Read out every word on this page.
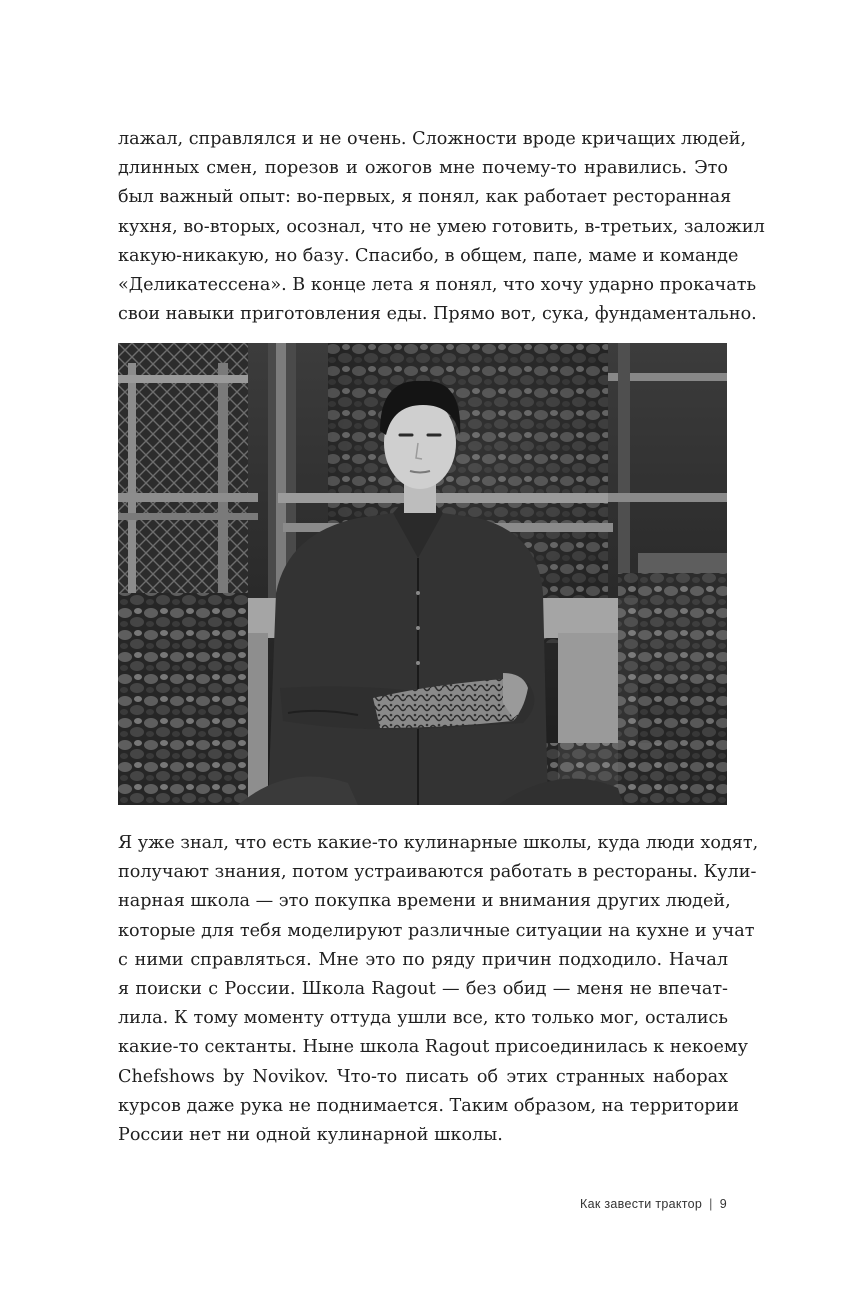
лажал, справлялся и не очень. Сложности вроде кричащих людей,
длинных смен, порезов и ожогов мне почему-то нравились. Это
был важный опыт: во-первых, я понял, как работает ресторанная
кухня, во-вторых, осознал, что не умею готовить, в-третьих, заложил
какую-никакую, но базу. Спасибо, в общем, папе, маме и команде
«Деликатессена». В конце лета я понял, что хочу ударно прокачать
свои навыки приготовления еды. Прямо вот, сука, фундаментально.
Я уже знал, что есть какие-то кулинарные школы, куда люди ходят,
получают знания, потом устраиваются работать в рестораны. Кули-
нарная школа — это покупка времени и внимания других людей,
которые для тебя моделируют различные ситуации на кухне и учат
с ними справляться. Мне это по ряду причин подходило. Начал
я поиски с России. Школа Ragout — без обид — меня не впечат-
лила. К тому моменту оттуда ушли все, кто только мог, остались
какие-то сектанты. Ныне школа Ragout присоединилась к некоему
Chefshows by Novikov. Что-то писать об этих странных наборах
курсов даже рука не поднимается. Таким образом, на территории
России нет ни одной кулинарной школы.
Как завести трактор | 9
